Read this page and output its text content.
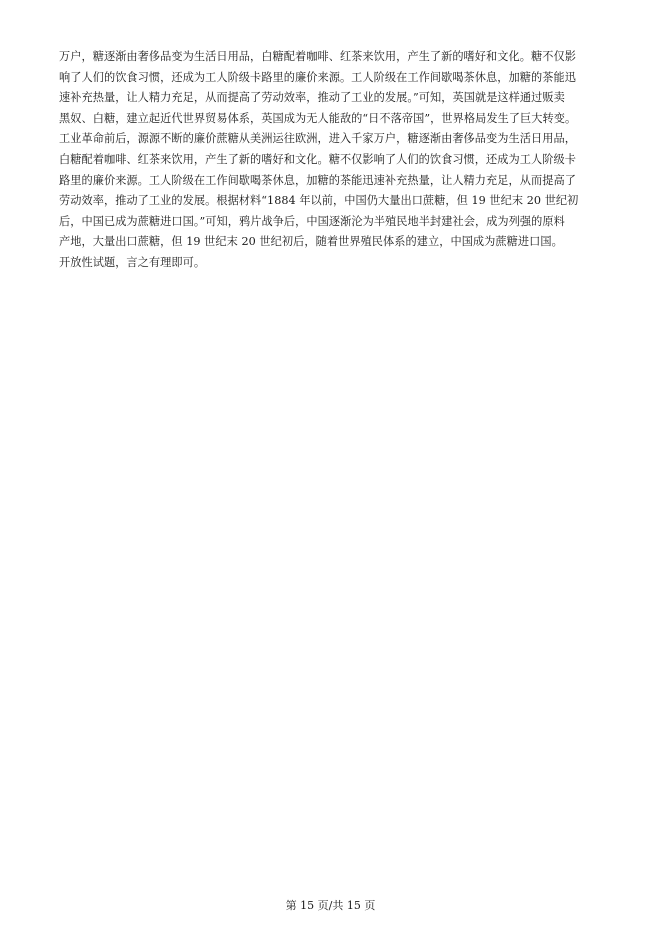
万户，糖逐渐由奢侈品变为生活日用品，白糖配着咖啡、红茶来饮用，产生了新的嗜好和文化。糖不仅影
响了人们的饮食习惯，还成为工人阶级卡路里的廉价来源。工人阶级在工作间歇喝茶休息，加糖的茶能迅
速补充热量，让人精力充足，从而提高了劳动效率，推动了工业的发展。”可知，英国就是这样通过贩卖
黑奴、白糖，建立起近代世界贸易体系，英国成为无人能敌的“日不落帝国”，世界格局发生了巨大转变。
工业革命前后，源源不断的廉价蔗糖从美洲运往欧洲，进入千家万户，糖逐渐由奢侈品变为生活日用品，
白糖配着咖啡、红茶来饮用，产生了新的嗜好和文化。糖不仅影响了人们的饮食习惯，还成为工人阶级卡
路里的廉价来源。工人阶级在工作间歇喝茶休息，加糖的茶能迅速补充热量，让人精力充足，从而提高了
劳动效率，推动了工业的发展。根据材料“1884 年以前，中国仍大量出口蔗糖，但 19 世纪末 20 世纪初
后，中国已成为蔗糖进口国。”可知，鸦片战争后，中国逐渐沦为半殖民地半封建社会，成为列强的原料
产地，大量出口蔗糖，但 19 世纪末 20 世纪初后，随着世界殖民体系的建立，中国成为蔗糖进口国。
开放性试题，言之有理即可。
第 15 页/共 15 页
